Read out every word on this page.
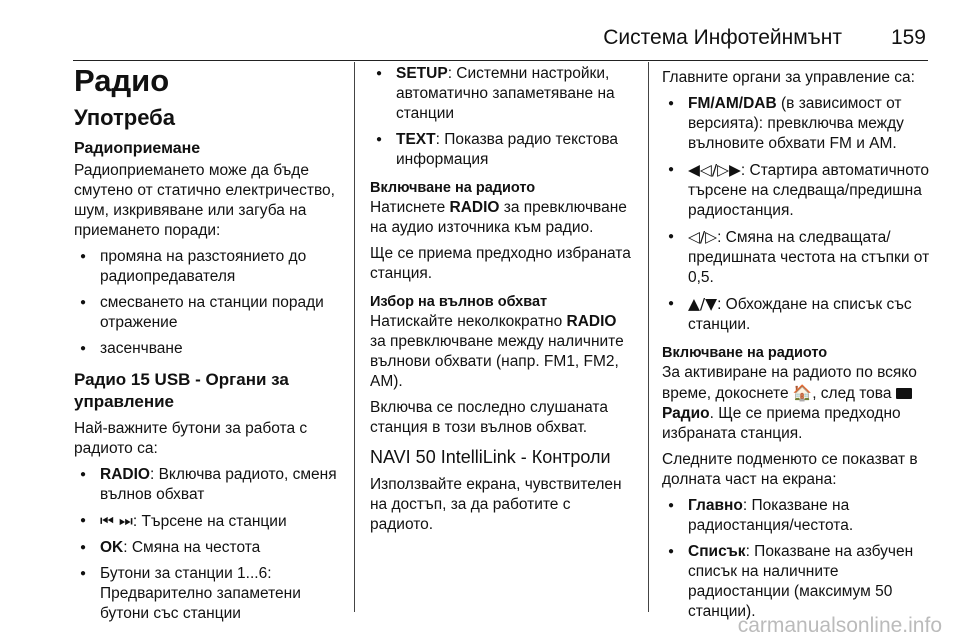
Система Инфотейнмънт 159
Радио
Употреба
Радиоприемане

Радиоприемането може да бъде смутено от статично електричество, шум, изкривяване или загуба на приемането поради:

● промяна на разстоянието до радиопредавателя
● смесването на станции поради отражение
● засенчване
Радио 15 USB - Органи за управление

Най-важните бутони за работа с радиото са:

● RADIO: Включва радиото, сменя вълнов обхват
● ⏮ ⏭: Търсене на станции
● OK: Смяна на честота
● Бутони за станции 1...6: Предварително запаметени бутони със станции
● SETUP: Системни настройки, автоматично запаметяване на станции
● TEXT: Показва радио текстова информация
Включване на радиото

Натиснете RADIO за превключване на аудио източника към радио.

Ще се приема предходно избраната станция.

Избор на вълнов обхват

Натискайте неколкократно RADIO за превключване между наличните вълнови обхвати (напр. FM1, FM2, AM).

Включва се последно слушаната станция в този вълнов обхват.

NAVI 50 IntelliLink - Контроли

Използвайте екрана, чувствителен на достъп, за да работите с радиото.

Главните органи за управление са:

● FM/AM/DAB (в зависимост от версията): превключва между вълновите обхвати FM и AM.
● ◀◁/▷▶: Стартира автоматичното търсене на следваща/предишна радиостанция.
● ◁/▷: Смяна на следващата/предишната честота на стъпки от 0,5.
● ▲/▼: Обхождане на списък със станции.
Включване на радиото

За активиране на радиото по всяко време, докоснете 🏠, след това Радио. Ще се приема предходно избраната станция.

Следните подменюто се показват в долната част на екрана:

● Главно: Показване на радиостанция/честота.
● Списък: Показване на азбучен списък на наличните радиостанции (максимум 50 станции).
carmanualsonline.info
